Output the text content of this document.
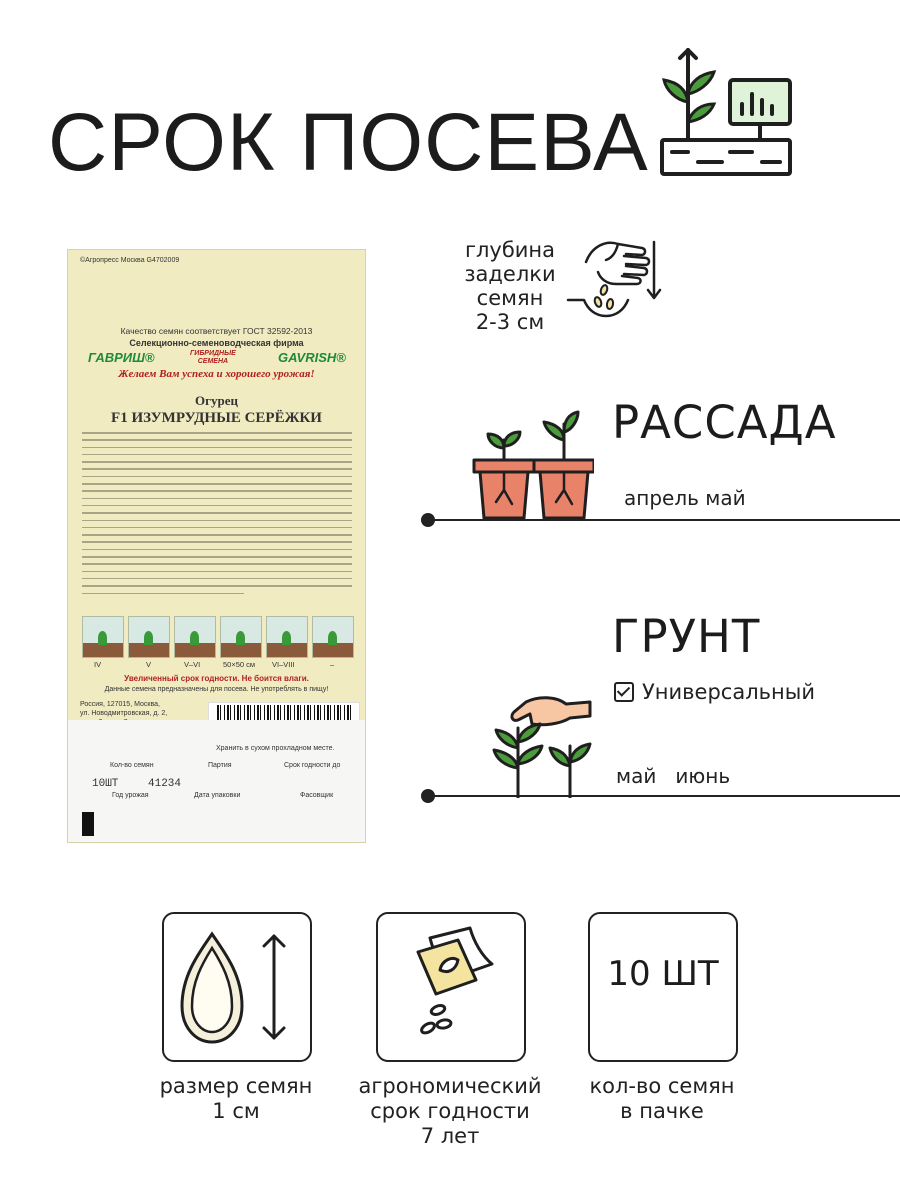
СРОК ПОСЕВА
©Агропресс Москва G4702009
Качество семян соответствует ГОСТ 32592-2013
Селекционно-семеноводческая фирма
ГАВРИШ®	ГИБРИДНЫЕ
СЕМЕНА	GAVRISH®
Желаем Вам успеха и хорошего урожая!
Огурец
F1 ИЗУМРУДНЫЕ СЕРЁЖКИ
IV	V	V–VI	50×50 см VI–VIII	–
Увеличенный срок годности. Не боится влаги.
Данные семена предназначены для посева. Не употреблять в пищу!
Россия, 127015, Москва,
ул. Новодмитровская, д. 2,

Хранить в сухом прохладном месте.
Кол-во семян	Партия	Срок годности до
10ШТ	41234
Год урожая	Дата упаковки	Фасовщик
глубина
заделки
семян
2-3 см
РАССАДА
апрель май
ГРУНТ
Универсальный
май   июнь
размер семян
1 см
агрономический
срок годности
7 лет
10 ШТ
кол-во семян
в пачке
